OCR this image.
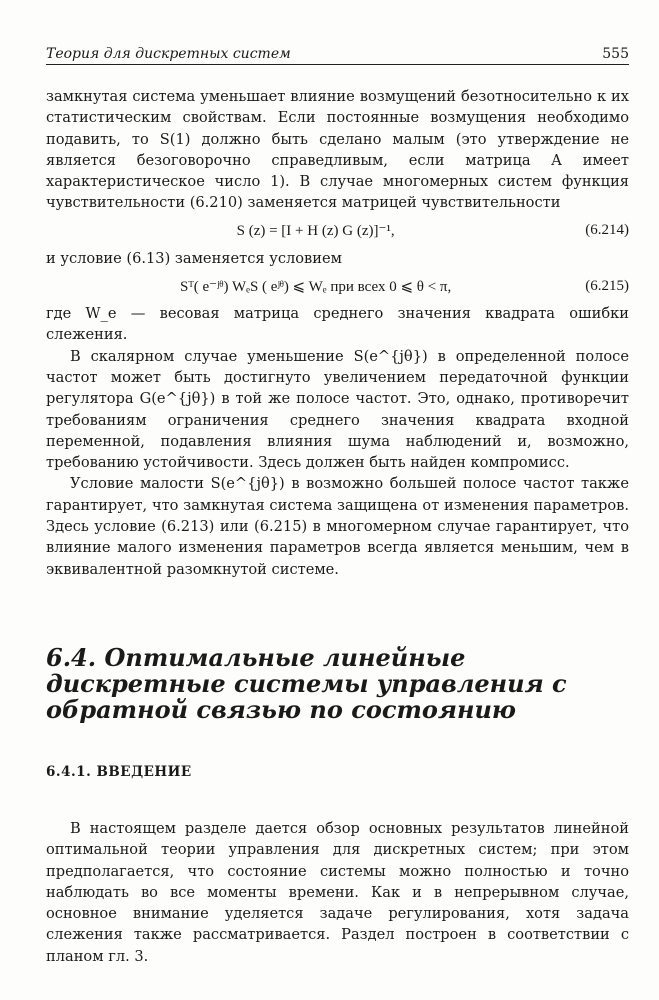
Теория для дискретных систем	555

замкнутая система уменьшает влияние возмущений безотносительно к их статистическим свойствам. Если постоянные возмущения необходимо подавить, то S(1) должно быть сделано малым (это утверждение не является безоговорочно справедливым, если матрица A имеет характеристическое число 1). В случае многомерных систем функция чувствительности (6.210) заменяется матрицей чувствительности

S (z) = [I + H (z) G (z)]⁻¹,	(6.214)

и условие (6.13) заменяется условием

Sᵀ( e⁻ʲᶿ) WₑS ( eʲᶿ) ⩽ Wₑ при всех 0 ⩽ θ < π,	(6.215)

где W_e — весовая матрица среднего значения квадрата ошибки слежения.

В скалярном случае уменьшение S(e^{jθ}) в определенной полосе частот может быть достигнуто увеличением передаточной функции регулятора G(e^{jθ}) в той же полосе частот. Это, однако, противоречит требованиям ограничения среднего значения квадрата входной переменной, подавления влияния шума наблюдений и, возможно, требованию устойчивости. Здесь должен быть найден компромисс.

Условие малости S(e^{jθ}) в возможно большей полосе частот также гарантирует, что замкнутая система защищена от изменения параметров. Здесь условие (6.213) или (6.215) в многомерном случае гарантирует, что влияние малого изменения параметров всегда является меньшим, чем в эквивалентной разомкнутой системе.

6.4. Оптимальные линейные дискретные системы управления с обратной связью по состоянию
6.4.1. ВВЕДЕНИЕ

В настоящем разделе дается обзор основных результатов линейной оптимальной теории управления для дискретных систем; при этом предполагается, что состояние системы можно полностью и точно наблюдать во все моменты времени. Как и в непрерывном случае, основное внимание уделяется задаче регулирования, хотя задача слежения также рассматривается. Раздел построен в соответствии с планом гл. 3.
